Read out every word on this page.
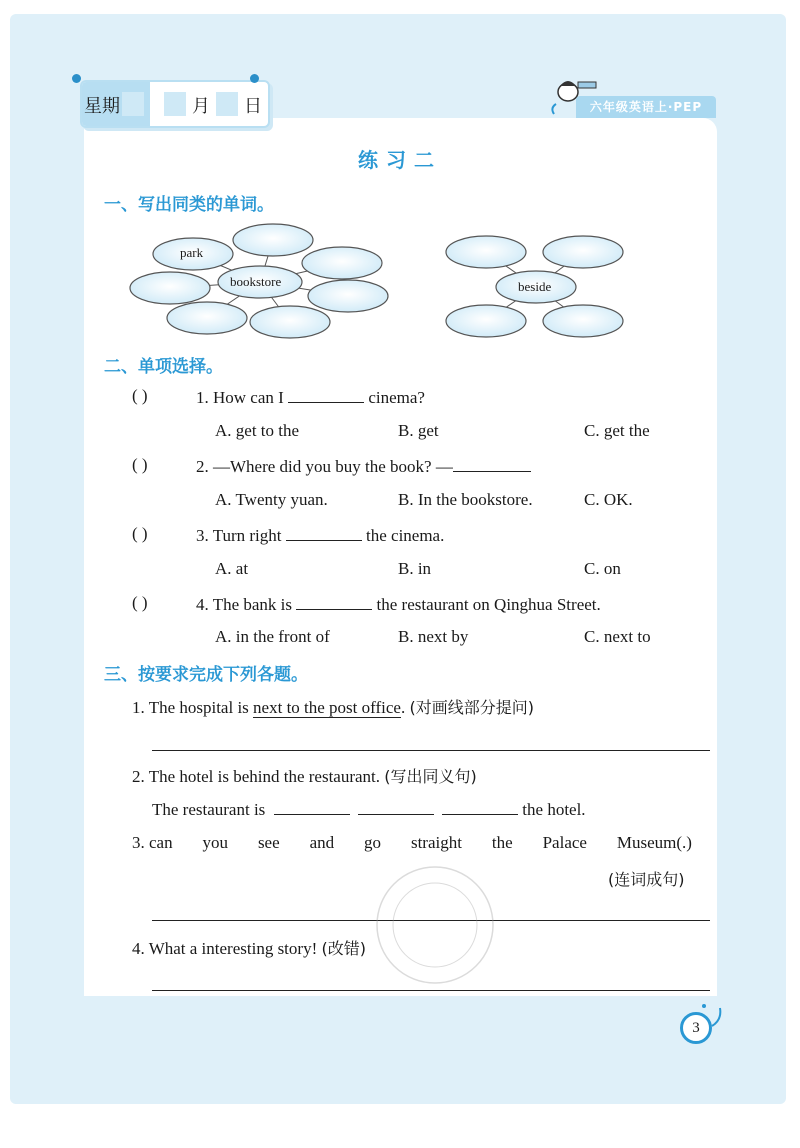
星期	月 日	六年级英语上·PEP
练习二
一、写出同类的单词。
park
bookstore	beside
二、单项选择。
( )	1. How can I	cinema?
A. get to the	B. get	C. get the
( )	2. —Where did you buy the book? —
A. Twenty yuan.	B. In the bookstore.	C. OK.
( )	3. Turn right	the cinema.
A. at	B. in	C. on
( )	4. The bank is	the restaurant on Qinghua Street.
A. in the front of	B. next by	C. next to
三、按要求完成下列各题。
1. The hospital is next to the post office. (对画线部分提问)
2. The hotel is behind the restaurant. (写出同义句)
The restaurant is	the hotel.
3. can you see and go straight the Palace Museum(.)
(连词成句)
4. What a interesting story! (改错)
3
